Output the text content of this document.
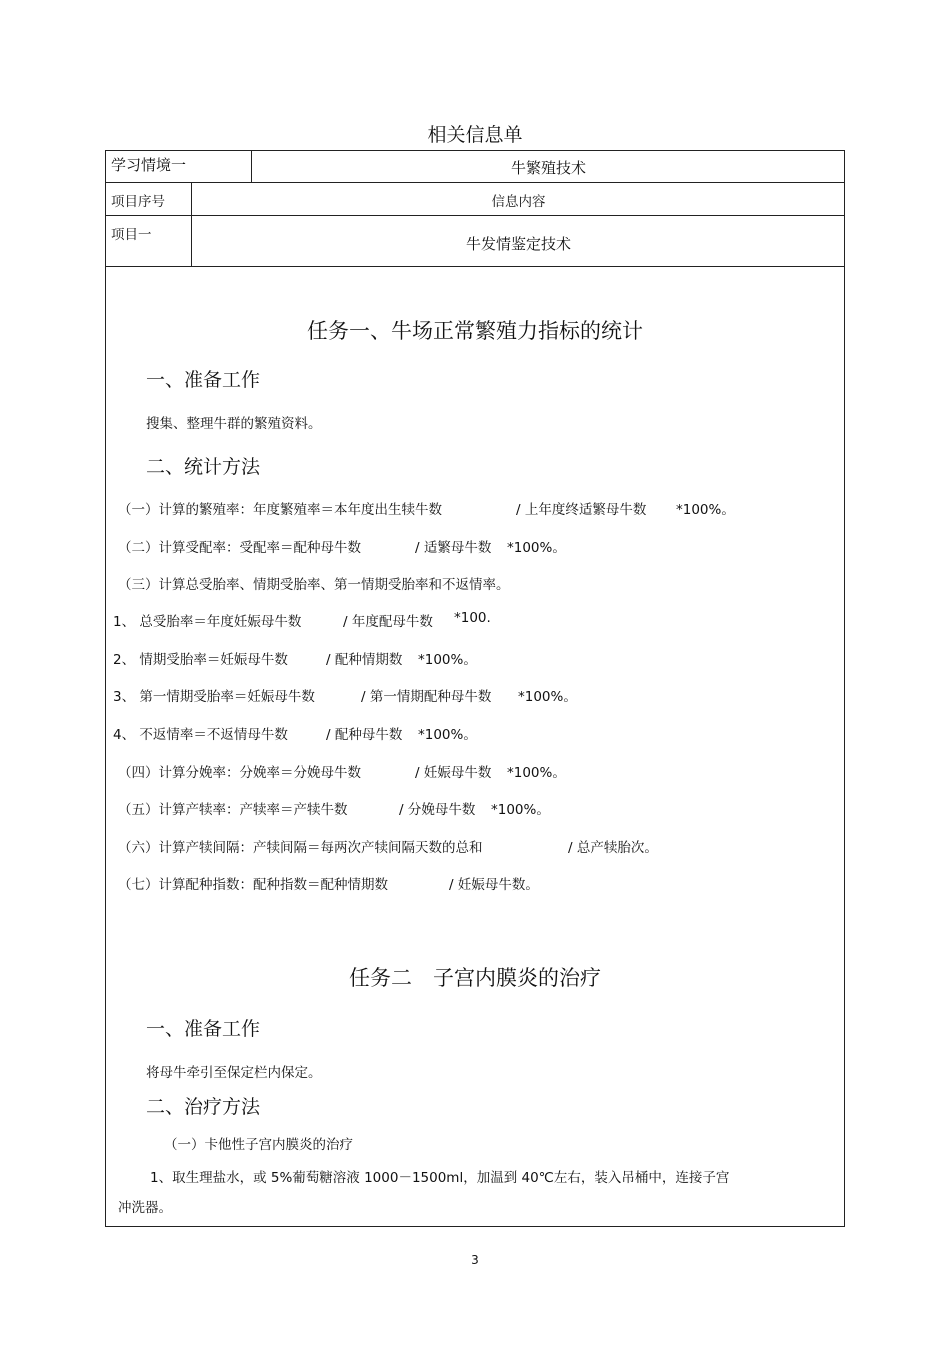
相关信息单
学习情境一	牛繁殖技术
项目序号	信息内容
项目一	牛发情鉴定技术
任务一、牛场正常繁殖力指标的统计
一、准备工作
搜集、整理牛群的繁殖资料。
二、统计方法
（一）计算的繁殖率：年度繁殖率＝本年度出生犊牛数	/ 上年度终适繁母牛数 *100%。
（二）计算受配率：受配率＝配种母牛数	/ 适繁母牛数 *100%。
（三）计算总受胎率、情期受胎率、第一情期受胎率和不返情率。
1、 总受胎率＝年度妊娠母牛数	/ 年度配母牛数 *100.
2、 情期受胎率＝妊娠母牛数	/ 配种情期数 *100%。
3、 第一情期受胎率＝妊娠母牛数	/ 第一情期配种母牛数 *100%。
4、 不返情率＝不返情母牛数	/ 配种母牛数 *100%。
（四）计算分娩率：分娩率＝分娩母牛数	/ 妊娠母牛数 *100%。
（五）计算产犊率：产犊率＝产犊牛数	/ 分娩母牛数 *100%。
（六）计算产犊间隔：产犊间隔＝每两次产犊间隔天数的总和	/ 总产犊胎次。
（七）计算配种指数：配种指数＝配种情期数	/ 妊娠母牛数。
任务二　子宫内膜炎的治疗
一、准备工作
将母牛牵引至保定栏内保定。
二、治疗方法
（一）卡他性子宫内膜炎的治疗
1、取生理盐水，或 5%葡萄糖溶液 1000－1500ml，加温到 40℃左右，装入吊桶中，连接子宫
冲洗器。
3
